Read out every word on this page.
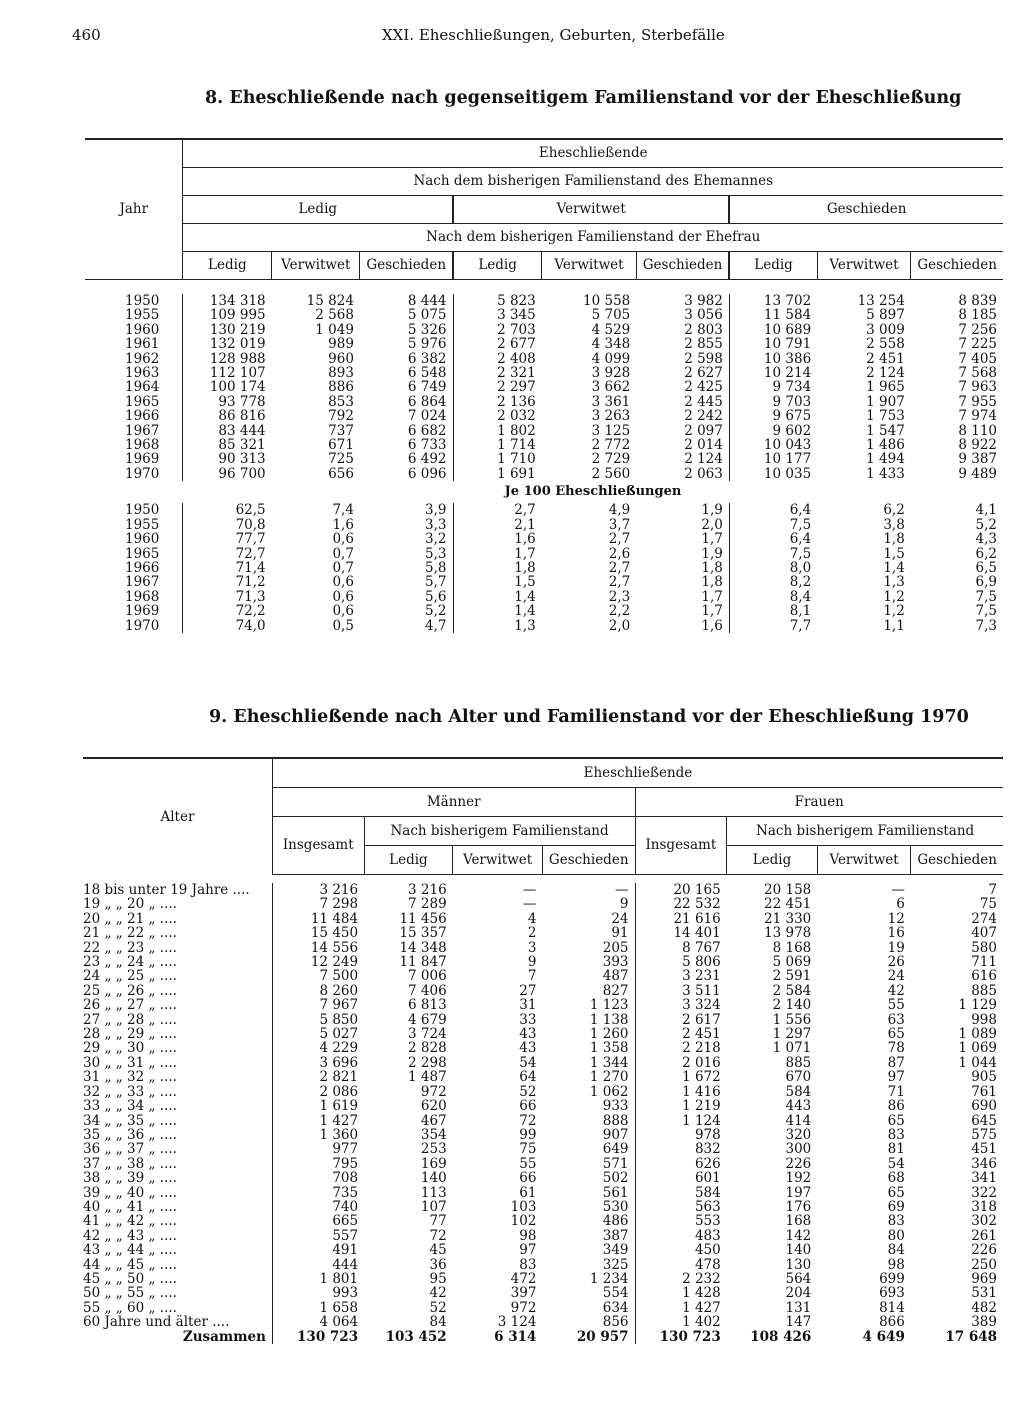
460	XXI. Eheschließungen, Geburten, Sterbefälle
8. Eheschließende nach gegenseitigem Familienstand vor der Eheschließung
Jahr	Eheschließende								
	Nach dem bisherigen Familienstand des Ehemannes								
	Ledig			Verwitwet			Geschieden		
	Nach dem bisherigen Familienstand der Ehefrau								
	Ledig	Verwitwet	Geschieden	Ledig	Verwitwet	Geschieden	Ledig	Verwitwet	Geschieden

1950	134 318	15 824	8 444	5 823	10 558	3 982	13 702	13 254	8 839
1955	109 995	2 568	5 075	3 345	5 705	3 056	11 584	5 897	8 185
1960	130 219	1 049	5 326	2 703	4 529	2 803	10 689	3 009	7 256
1961	132 019	989	5 976	2 677	4 348	2 855	10 791	2 558	7 225
1962	128 988	960	6 382	2 408	4 099	2 598	10 386	2 451	7 405
1963	112 107	893	6 548	2 321	3 928	2 627	10 214	2 124	7 568
1964	100 174	886	6 749	2 297	3 662	2 425	9 734	1 965	7 963
1965	93 778	853	6 864	2 136	3 361	2 445	9 703	1 907	7 955
1966	86 816	792	7 024	2 032	3 263	2 242	9 675	1 753	7 974
1967	83 444	737	6 682	1 802	3 125	2 097	9 602	1 547	8 110
1968	85 321	671	6 733	1 714	2 772	2 014	10 043	1 486	8 922
1969	90 313	725	6 492	1 710	2 729	2 124	10 177	1 494	9 387
1970	96 700	656	6 096	1 691	2 560	2 063	10 035	1 433	9 489
	Je 100 Eheschließungen								
1950	62,5	7,4	3,9	2,7	4,9	1,9	6,4	6,2	4,1
1955	70,8	1,6	3,3	2,1	3,7	2,0	7,5	3,8	5,2
1960	77,7	0,6	3,2	1,6	2,7	1,7	6,4	1,8	4,3
1965	72,7	0,7	5,3	1,7	2,6	1,9	7,5	1,5	6,2
1966	71,4	0,7	5,8	1,8	2,7	1,8	8,0	1,4	6,5
1967	71,2	0,6	5,7	1,5	2,7	1,8	8,2	1,3	6,9
1968	71,3	0,6	5,6	1,4	2,3	1,7	8,4	1,2	7,5
1969	72,2	0,6	5,2	1,4	2,2	1,7	8,1	1,2	7,5
1970	74,0	0,5	4,7	1,3	2,0	1,6	7,7	1,1	7,3
9. Eheschließende nach Alter und Familienstand vor der Eheschließung 1970
Alter	Eheschließende							
	Männer				Frauen			
	Insgesamt	Nach bisherigem Familienstand			Insgesamt	Nach bisherigem Familienstand		
		Ledig	Verwitwet	Geschieden		Ledig	Verwitwet	Geschieden

18 bis unter 19 Jahre ....	3 216	3 216	—	—	20 165	20 158	—	7
19 „ „ 20 „ ....	7 298	7 289	—	9	22 532	22 451	6	75
20 „ „ 21 „ ....	11 484	11 456	4	24	21 616	21 330	12	274
21 „ „ 22 „ ....	15 450	15 357	2	91	14 401	13 978	16	407
22 „ „ 23 „ ....	14 556	14 348	3	205	8 767	8 168	19	580
23 „ „ 24 „ ....	12 249	11 847	9	393	5 806	5 069	26	711
24 „ „ 25 „ ....	7 500	7 006	7	487	3 231	2 591	24	616
25 „ „ 26 „ ....	8 260	7 406	27	827	3 511	2 584	42	885
26 „ „ 27 „ ....	7 967	6 813	31	1 123	3 324	2 140	55	1 129
27 „ „ 28 „ ....	5 850	4 679	33	1 138	2 617	1 556	63	998
28 „ „ 29 „ ....	5 027	3 724	43	1 260	2 451	1 297	65	1 089
29 „ „ 30 „ ....	4 229	2 828	43	1 358	2 218	1 071	78	1 069
30 „ „ 31 „ ....	3 696	2 298	54	1 344	2 016	885	87	1 044
31 „ „ 32 „ ....	2 821	1 487	64	1 270	1 672	670	97	905
32 „ „ 33 „ ....	2 086	972	52	1 062	1 416	584	71	761
33 „ „ 34 „ ....	1 619	620	66	933	1 219	443	86	690
34 „ „ 35 „ ....	1 427	467	72	888	1 124	414	65	645
35 „ „ 36 „ ....	1 360	354	99	907	978	320	83	575
36 „ „ 37 „ ....	977	253	75	649	832	300	81	451
37 „ „ 38 „ ....	795	169	55	571	626	226	54	346
38 „ „ 39 „ ....	708	140	66	502	601	192	68	341
39 „ „ 40 „ ....	735	113	61	561	584	197	65	322
40 „ „ 41 „ ....	740	107	103	530	563	176	69	318
41 „ „ 42 „ ....	665	77	102	486	553	168	83	302
42 „ „ 43 „ ....	557	72	98	387	483	142	80	261
43 „ „ 44 „ ....	491	45	97	349	450	140	84	226
44 „ „ 45 „ ....	444	36	83	325	478	130	98	250
45 „ „ 50 „ ....	1 801	95	472	1 234	2 232	564	699	969
50 „ „ 55 „ ....	993	42	397	554	1 428	204	693	531
55 „ „ 60 „ ....	1 658	52	972	634	1 427	131	814	482
60 Jahre und älter ....	4 064	84	3 124	856	1 402	147	866	389
Zusammen	130 723	103 452	6 314	20 957	130 723	108 426	4 649	17 648
